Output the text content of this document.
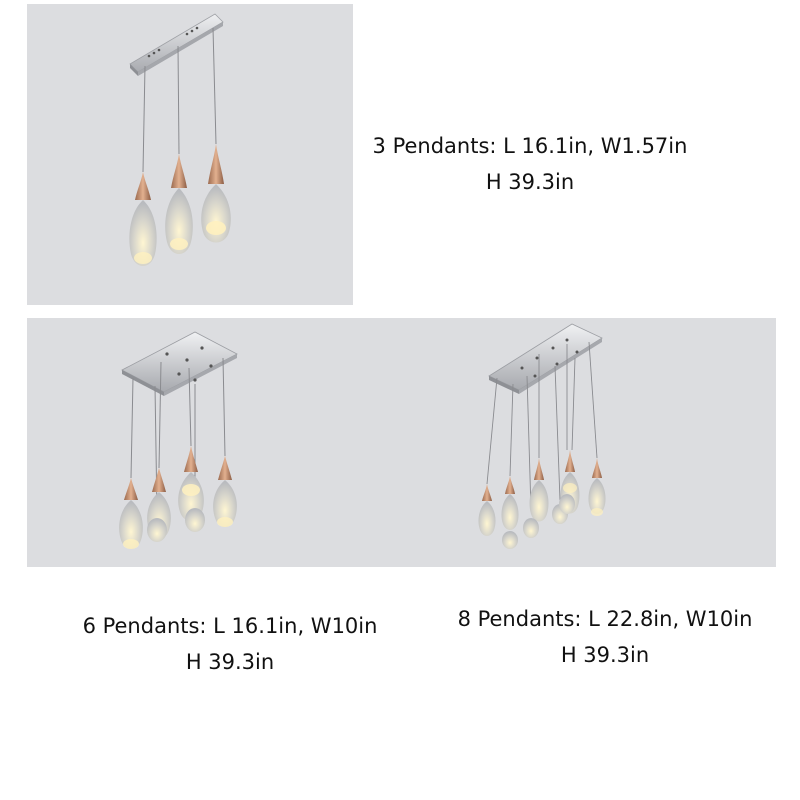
3 Pendants: L 16.1in, W1.57in
H 39.3in
6 Pendants: L 16.1in, W10in
H 39.3in
8 Pendants: L 22.8in, W10in
H 39.3in
